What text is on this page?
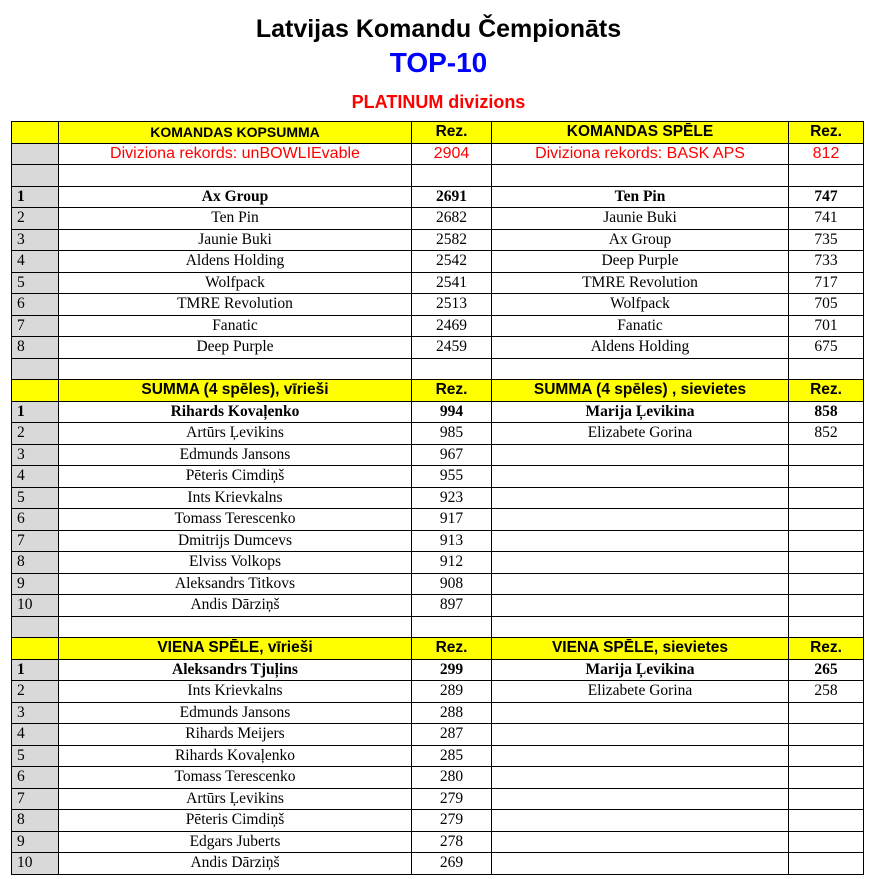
Latvijas Komandu Čempionāts
TOP-10
PLATINUM divizions
	KOMANDAS KOPSUMMA	Rez.	KOMANDAS SPĒLE	Rez.
	Diviziona rekords: unBOWLIEvable	2904	Diviziona rekords: BASK APS	812

1	Ax Group	2691	Ten Pin	747
2	Ten Pin	2682	Jaunie Buki	741
3	Jaunie Buki	2582	Ax Group	735
4	Aldens Holding	2542	Deep Purple	733
5	Wolfpack	2541	TMRE Revolution	717
6	TMRE Revolution	2513	Wolfpack	705
7	Fanatic	2469	Fanatic	701
8	Deep Purple	2459	Aldens Holding	675

	SUMMA (4 spēles), vīrieši	Rez.	SUMMA (4 spēles) , sievietes	Rez.
1	Rihards Kovaļenko	994	Marija Ļevikina	858
2	Artūrs Ļevikins	985	Elizabete Gorina	852
3	Edmunds Jansons	967		
4	Pēteris Cimdiņš	955		
5	Ints Krievkalns	923		
6	Tomass Terescenko	917		
7	Dmitrijs Dumcevs	913		
8	Elviss Volkops	912		
9	Aleksandrs Titkovs	908		
10	Andis Dārziņš	897		

	VIENA SPĒLE, vīrieši	Rez.	VIENA SPĒLE, sievietes	Rez.
1	Aleksandrs Tjuļins	299	Marija Ļevikina	265
2	Ints Krievkalns	289	Elizabete Gorina	258
3	Edmunds Jansons	288		
4	Rihards Meijers	287		
5	Rihards Kovaļenko	285		
6	Tomass Terescenko	280		
7	Artūrs Ļevikins	279		
8	Pēteris Cimdiņš	279		
9	Edgars Juberts	278		
10	Andis Dārziņš	269		
